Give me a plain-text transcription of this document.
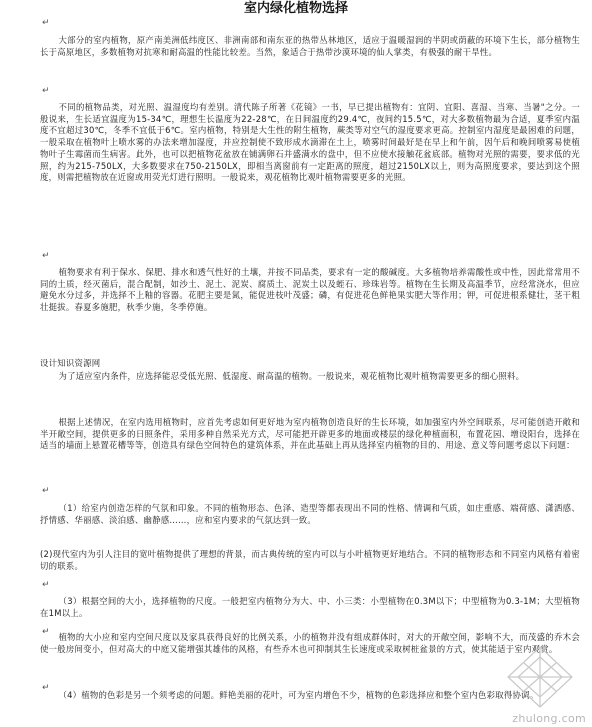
室内绿化植物选择
↵

大部分的室内植物，原产南美洲低纬度区、非洲南部和南东亚的热带丛林地区，适应于温暖湿润的半阴或荫蔽的环境下生长，部分植物生长于高原地区，多数植物对抗寒和耐高温的性能比较差。当然，象适合于热带沙漠环境的仙人掌类，有极强的耐干旱性。

↵

不同的植物品类，对光照、温湿度均有差别。清代陈子所著《花镜》一书，早已提出植物有：宜阴、宜阳、喜湿、当寒、当暑"之分。一般说来，生长适宜温度为15-34℃，理想生长温度为22-28℃，在日间温度约29.4℃，夜间约15.5℃，对大多数植物最为合适，夏季室内温度不宜超过30℃，冬季不宜低于6℃。室内植物，特别是大生性的附生植物，蕨类等对空气的湿度要求更高。控制室内湿度是最困难的问题，一般采取在植物叶上喷水雾的办法来增加湿度，并应控制使不致形成水滴滞在土上，喷雾时间最好是在早上和午前，因午后和晚间喷雾易使植物叶子生霉菌而生病害。此外，也可以把植物花盆放在铺满卵石并盛满水的盘中，但不应使水接触花盆底部。植物对光照的需要，要求低的光照，约为215-750LX，大多数要求在750-2150LX，即相当离窗前有一定距离的照度，超过2150LX以上，则为高照度要求，要达到这个照度，则需把植物放在近窗或用荧光灯进行照明。一般说来，观花植物比观叶植物需要更多的光照。

↵

植物要求有利于保水、保肥、排水和透气性好的土壤，并按不同品类，要求有一定的酸碱度。大多植物培养需酸性或中性，因此常常用不同的土质，经灭菌后，混合配制，如沙土、泥土、泥炭、腐质土、泥炭土以及蛭石、珍珠岩等。植物在生长期及高温季节，应经常浇水，但应避免水分过多，并选择不上釉的容器。花肥主要是氮，能促进枝叶茂盛；磷，有促进花色鲜艳果实肥大等作用；钾，可促进根系健壮，茎干粗壮挺拔。春夏多施肥，秋季少施，冬季停施。

设计知识资源网

为了适应室内条件，应选择能忍受低光照、低湿度、耐高温的植物。一般说来，观花植物比观叶植物需要更多的细心照料。

根据上述情况，在室内选用植物时，应首先考虑如何更好地为室内植物创造良好的生长环境，如加强室内外空间联系，尽可能创造开敞和半开敞空间，提供更多的日照条件，采用多种自然采光方式，尽可能把开辟更多的地面或楼层的绿化种植面积，布置花园、增设阳台，选择在适当的墙面上悬置花槽等等，创造具有绿色空间特色的建筑体系，并在此基础上再从选择室内植物的目的、用途、意义等问题考虑以下问题：

↵

（1）给室内创造怎样的气氛和印象。不同的植物形态、色泽、造型等都表现出不同的性格、情调和气质，如庄重感、端荷感、潇洒感、抒情感、华丽感、淡泊感、幽静感……，应和室内要求的气氛达到一致。

(2)现代室内为引人注目的宽叶植物提供了理想的背景，而古典传统的室内可以与小叶植物更好地结合。不同的植物形态和不同室内风格有着密切的联系。

↵

（3）根据空间的大小，选择植物的尺度。一般把室内植物分为大、中、小三类：小型植物在0.3M以下；中型植物为0.3-1M；大型植物在1M以上。

↵	植物的大小应和室内空间尺度以及家具获得良好的比例关系，小的植物并没有组成群体时，对大的开敞空间，影响不大，而茂盛的乔木会使一般房间变小，但对高大的中庭又能增强其雄伟的风格，有些乔木也可抑制其生长速度或采取树桩盆景的方式，使其能适于室内观赏。

↵

（4）植物的色彩是另一个须考虑的问题。鲜艳美丽的花叶，可为室内增色不少，植物的色彩选择应和整个室内色彩取得协调。

zhulong.com
